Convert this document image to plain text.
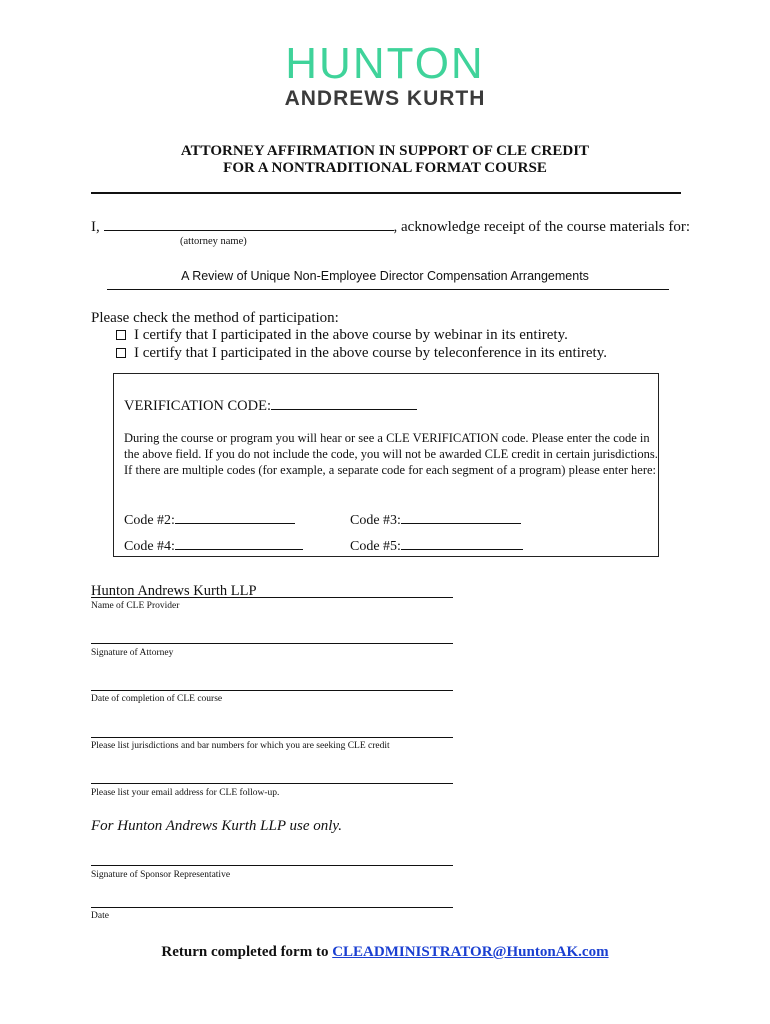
HUNTON
ANDREWS KURTH
ATTORNEY AFFIRMATION IN SUPPORT OF CLE CREDIT
FOR A NONTRADITIONAL FORMAT COURSE
I,	, acknowledge receipt of the course materials for:
(attorney name)
A Review of Unique Non-Employee Director Compensation Arrangements
Please check the method of participation:
I certify that I participated in the above course by webinar in its entirety.
I certify that I participated in the above course by teleconference in its entirety.
VERIFICATION CODE:
During the course or program you will hear or see a CLE VERIFICATION code. Please enter the code in the above field. If you do not include the code, you will not be awarded CLE credit in certain jurisdictions. If there are multiple codes (for example, a separate code for each segment of a program) please enter here:
Code #2:	Code #3:
Code #4:	Code #5:
Hunton Andrews Kurth LLP
Name of CLE Provider
Signature of Attorney
Date of completion of CLE course
Please list jurisdictions and bar numbers for which you are seeking CLE credit
Please list your email address for CLE follow-up.
For Hunton Andrews Kurth LLP use only.
Signature of Sponsor Representative
Date
Return completed form to CLEADMINISTRATOR@HuntonAK.com
